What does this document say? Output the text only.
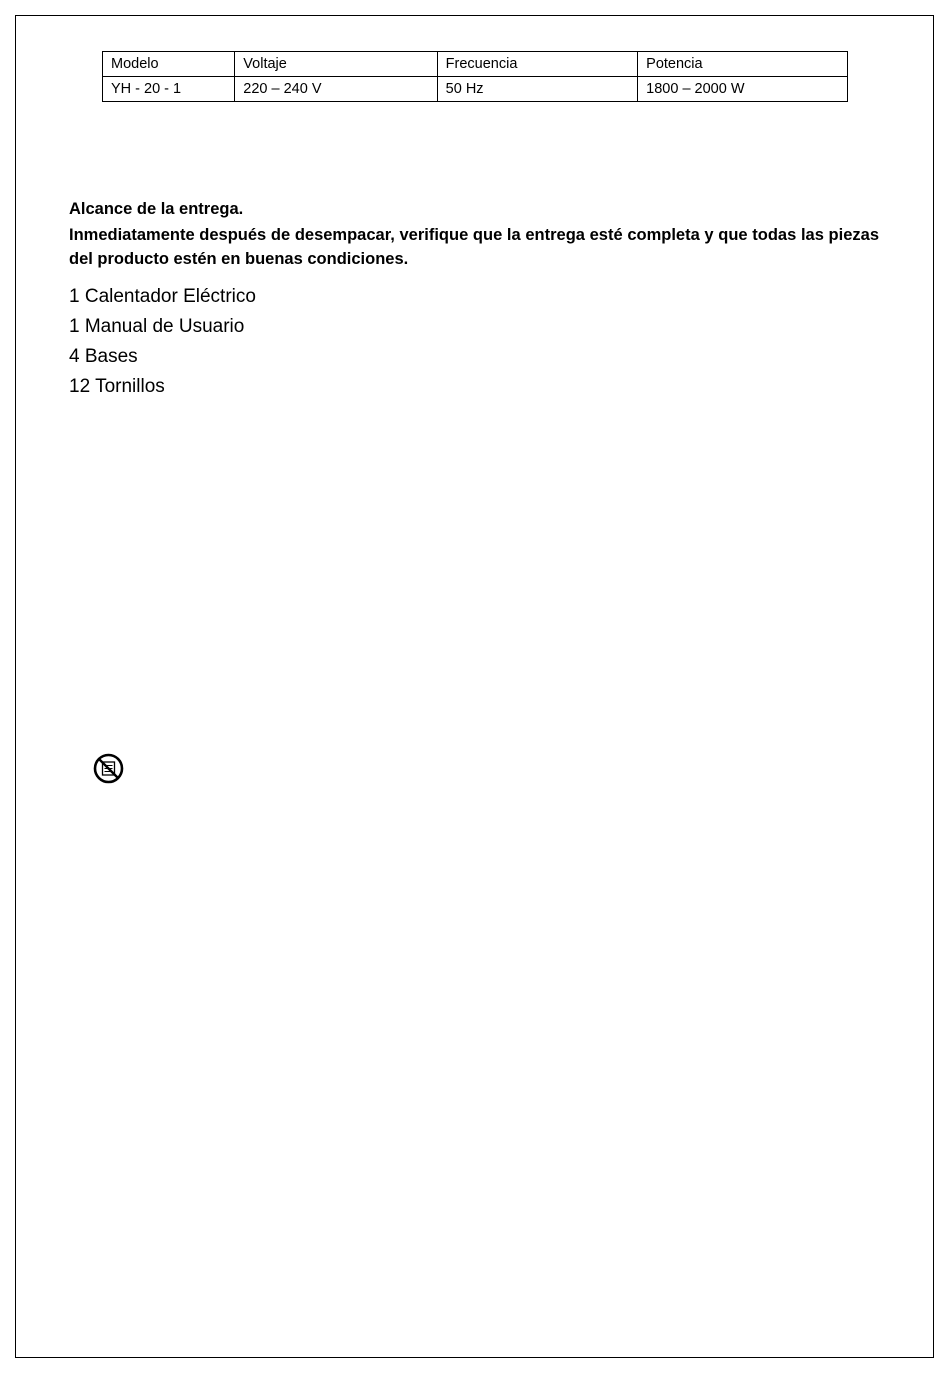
Modelo	Voltaje	Frecuencia	Potencia
YH - 20 - 1	220 – 240 V	50 Hz	1800 – 2000 W

Alcance de la entrega.

Inmediatamente después de desempacar, verifique que la entrega esté completa y que todas las piezas del producto estén en buenas condiciones.

1 Calentador Eléctrico
1 Manual de Usuario
4 Bases
12 Tornillos
